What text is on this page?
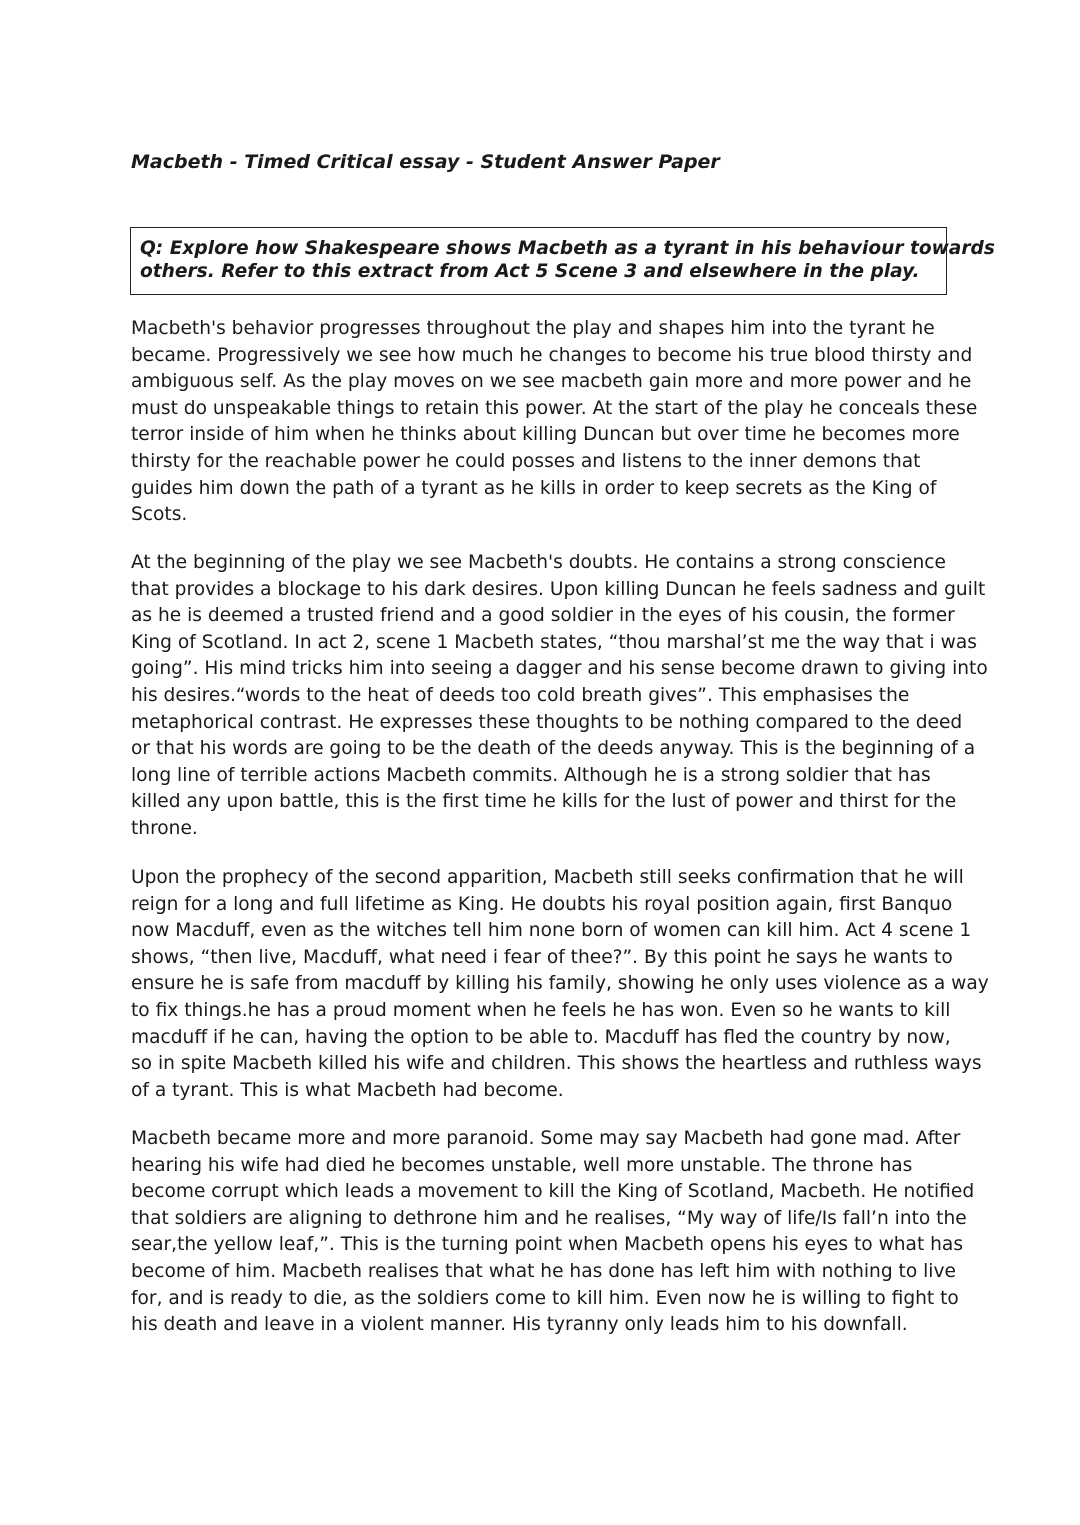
Macbeth - Timed Critical essay - Student Answer Paper
Q: Explore how Shakespeare shows Macbeth as a tyrant in his behaviour towards
others. Refer to this extract from Act 5 Scene 3 and elsewhere in the play.

Macbeth's behavior progresses throughout the play and shapes him into the tyrant he
became. Progressively we see how much he changes to become his true blood thirsty and
ambiguous self. As the play moves on we see macbeth gain more and more power and he
must do unspeakable things to retain this power. At the start of the play he conceals these
terror inside of him when he thinks about killing Duncan but over time he becomes more
thirsty for the reachable power he could posses and listens to the inner demons that
guides him down the path of a tyrant as he kills in order to keep secrets as the King of
Scots.

At the beginning of the play we see Macbeth's doubts. He contains a strong conscience
that provides a blockage to his dark desires. Upon killing Duncan he feels sadness and guilt
as he is deemed a trusted friend and a good soldier in the eyes of his cousin, the former
King of Scotland. In act 2, scene 1 Macbeth states, “thou marshal’st me the way that i was
going”. His mind tricks him into seeing a dagger and his sense become drawn to giving into
his desires.“words to the heat of deeds too cold breath gives”. This emphasises the
metaphorical contrast. He expresses these thoughts to be nothing compared to the deed
or that his words are going to be the death of the deeds anyway. This is the beginning of a
long line of terrible actions Macbeth commits. Although he is a strong soldier that has
killed any upon battle, this is the first time he kills for the lust of power and thirst for the
throne.

Upon the prophecy of the second apparition, Macbeth still seeks confirmation that he will
reign for a long and full lifetime as King. He doubts his royal position again, first Banquo
now Macduff, even as the witches tell him none born of women can kill him. Act 4 scene 1
shows, “then live, Macduff, what need i fear of thee?”. By this point he says he wants to
ensure he is safe from macduff by killing his family, showing he only uses violence as a way
to fix things.he has a proud moment when he feels he has won. Even so he wants to kill
macduff if he can, having the option to be able to. Macduff has fled the country by now,
so in spite Macbeth killed his wife and children. This shows the heartless and ruthless ways
of a tyrant. This is what Macbeth had become.

Macbeth became more and more paranoid. Some may say Macbeth had gone mad. After
hearing his wife had died he becomes unstable, well more unstable. The throne has
become corrupt which leads a movement to kill the King of Scotland, Macbeth. He notified
that soldiers are aligning to dethrone him and he realises, “My way of life/Is fall’n into the
sear,the yellow leaf,”. This is the turning point when Macbeth opens his eyes to what has
become of him. Macbeth realises that what he has done has left him with nothing to live
for, and is ready to die, as the soldiers come to kill him. Even now he is willing to fight to
his death and leave in a violent manner. His tyranny only leads him to his downfall.
